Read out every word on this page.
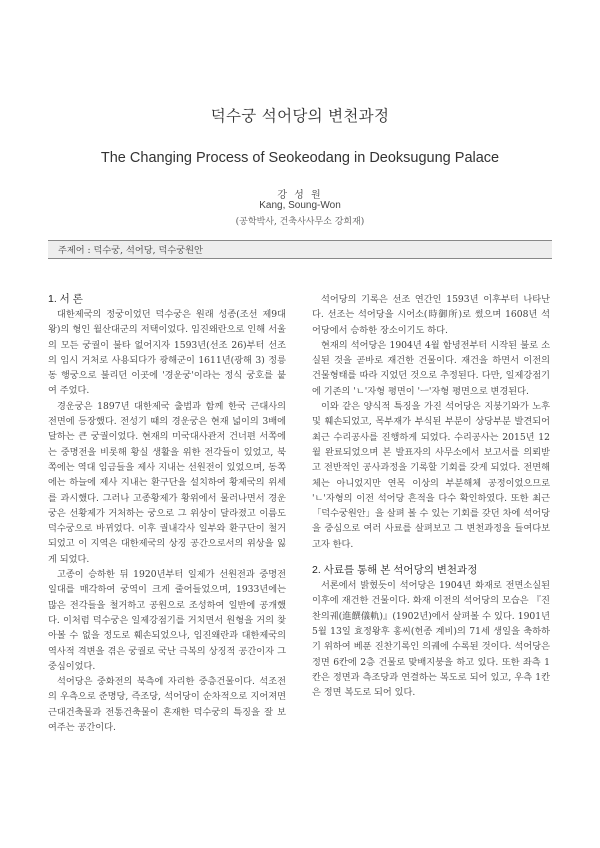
덕수궁 석어당의 변천과정
The Changing Process of Seokeodang in Deoksugung Palace
강 성 원
Kang, Soung-Won
(공학박사, 건축사사무소 강희재)
주제어 : 덕수궁, 석어당, 덕수궁원안
1. 서 론

대한제국의 정궁이었던 덕수궁은 원래 성종(조선 제9대 왕)의 형인 월산대군의 저택이었다. 임진왜란으로 인해 서울의 모든 궁궐이 불타 없어지자 1593년(선조 26)부터 선조의 임시 거처로 사용되다가 광해군이 1611년(광해 3) 정릉동 행궁으로 불리던 이곳에 '경운궁'이라는 정식 궁호를 붙여 주었다.

경운궁은 1897년 대한제국 출범과 함께 한국 근대사의 전면에 등장했다. 전성기 때의 경운궁은 현재 넓이의 3배에 달하는 큰 궁궐이었다. 현재의 미국대사관저 건너편 서쪽에는 중명전을 비롯해 황실 생활을 위한 전각들이 있었고, 북쪽에는 역대 임금들을 제사 지내는 선원전이 있었으며, 동쪽에는 하늘에 제사 지내는 환구단을 설치하여 황제국의 위세를 과시했다. 그러나 고종황제가 황위에서 물러나면서 경운궁은 선황제가 거처하는 궁으로 그 위상이 달라졌고 이름도 덕수궁으로 바뀌었다. 이후 궐내각사 일부와 환구단이 철거되었고 이 지역은 대한제국의 상징 공간으로서의 위상을 잃게 되었다.

고종이 승하한 뒤 1920년부터 일제가 선원전과 중명전 일대를 매각하여 궁역이 크게 줄어들었으며, 1933년에는 많은 전각들을 철거하고 공원으로 조성하여 일반에 공개했다. 이처럼 덕수궁은 일제강점기를 거치면서 원형을 거의 찾아볼 수 없을 정도로 훼손되었으나, 임진왜란과 대한제국의 역사적 격변을 겪은 궁궐로 국난 극복의 상징적 공간이자 그 중심이었다.

석어당은 중화전의 북측에 자리한 중층건물이다. 석조전의 우측으로 준명당, 즉조당, 석어당이 순차적으로 지어져면 근대건축물과 전통건축물이 혼재한 덕수궁의 특징을 잘 보여주는 공간이다.

석어당의 기록은 선조 연간인 1593년 이후부터 나타난다. 선조는 석어당을 시어소(時御所)로 썼으며 1608년 석어당에서 승하한 장소이기도 하다.

현재의 석어당은 1904년 4월 함녕전부터 시작된 불로 소실된 것을 곧바로 재건한 건물이다. 재건을 하면서 이전의 건물형태를 따라 지었던 것으로 추정된다. 다만, 일제강점기에 기존의 'ㄴ'자형 평면이 'ㅡ'자형 평면으로 변경된다.

이와 같은 양식적 특징을 가진 석어당은 지붕기와가 노후 및 훼손되었고, 목부재가 부식된 부분이 상당부분 발견되어 최근 수리공사를 진행하게 되었다. 수리공사는 2015년 12월 완료되었으며 본 발표자의 사무소에서 보고서를 의뢰받고 전반적인 공사과정을 기록할 기회를 갖게 되었다. 전면해체는 아니었지만 연목 이상의 부분해체 공정이었으므로 'ㄴ'자형의 이전 석어당 흔적을 다수 확인하였다. 또한 최근 「덕수궁원안」을 살펴 볼 수 있는 기회를 갖던 차에 석어당을 중심으로 여러 사료를 살펴보고 그 변천과정을 들여다보고자 한다.

2. 사료를 통해 본 석어당의 변천과정

서론에서 밝혔듯이 석어당은 1904년 화재로 전면소실된 이후에 재건한 건물이다. 화재 이전의 석어당의 모습은 『진찬의궤(進饌儀軌)』(1902년)에서 살펴볼 수 있다. 1901년 5월 13일 효정왕후 홍씨(헌종 계비)의 71세 생일을 축하하기 위하여 베푼 진찬기록인 의궤에 수록된 것이다. 석어당은 정면 6칸에 2층 건물로 맞배지붕을 하고 있다. 또한 좌측 1칸은 정면과 측조당과 연결하는 복도로 되어 있고, 우측 1칸은 정면 복도로 되어 있다.
